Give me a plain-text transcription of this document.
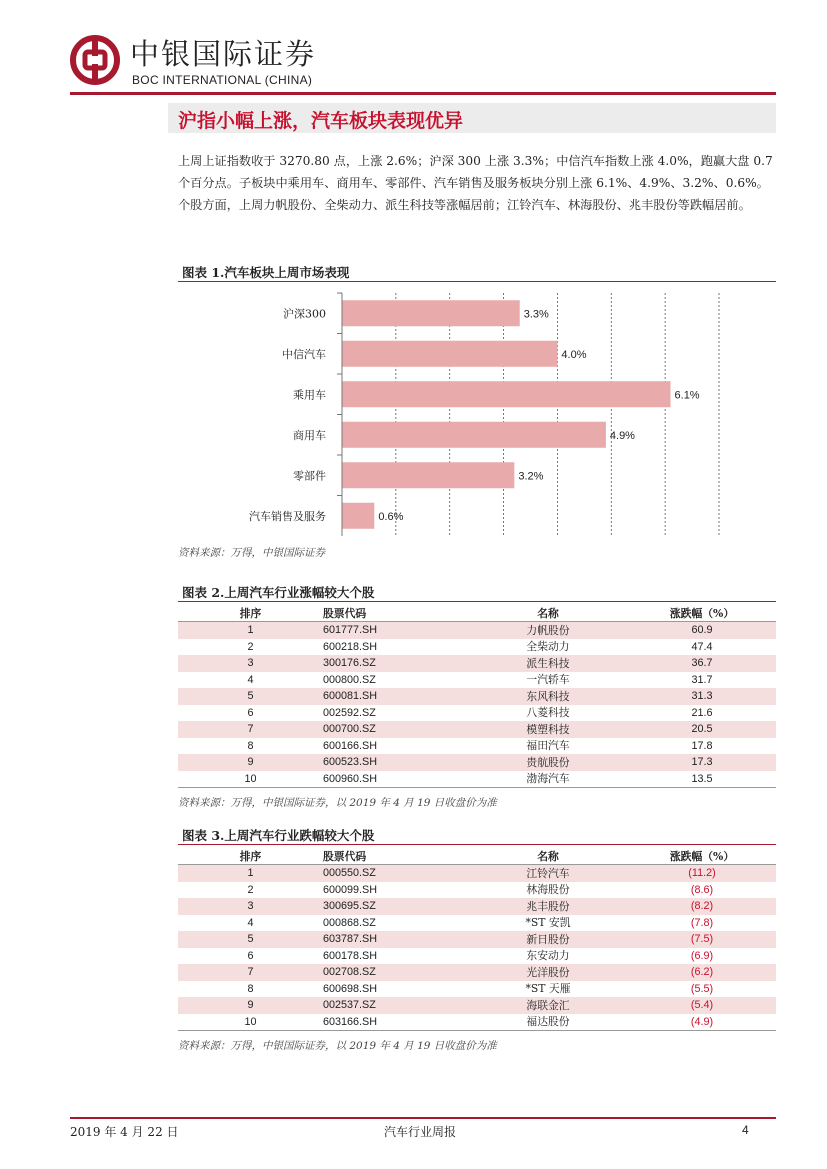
中银国际证券
BOC INTERNATIONAL (CHINA)
沪指小幅上涨，汽车板块表现优异
上周上证指数收于 3270.80 点，上涨 2.6%；沪深 300 上涨 3.3%；中信汽车指数上涨 4.0%，跑赢大盘 0.7 个百分点。子板块中乘用车、商用车、零部件、汽车销售及服务板块分别上涨 6.1%、4.9%、3.2%、0.6%。个股方面，上周力帆股份、全柴动力、派生科技等涨幅居前；江铃汽车、林海股份、兆丰股份等跌幅居前。
图表 1.汽车板块上周市场表现
沪深300	3.3%
中信汽车	4.0%
乘用车	6.1%
商用车	4.9%
零部件	3.2%
汽车销售及服务	0.6%
资料来源：万得，中银国际证券
图表 2.上周汽车行业涨幅较大个股
排序	股票代码	名称	涨跌幅（%）
1	601777.SH	力帆股份	60.9
2	600218.SH	全柴动力	47.4
3	300176.SZ	派生科技	36.7
4	000800.SZ	一汽轿车	31.7
5	600081.SH	东风科技	31.3
6	002592.SZ	八菱科技	21.6
7	000700.SZ	模塑科技	20.5
8	600166.SH	福田汽车	17.8
9	600523.SH	贵航股份	17.3
10	600960.SH	渤海汽车	13.5
资料来源：万得，中银国际证券，以 2019 年 4 月 19 日收盘价为准
图表 3.上周汽车行业跌幅较大个股
排序	股票代码	名称	涨跌幅（%）
1	000550.SZ	江铃汽车	(11.2)
2	600099.SH	林海股份	(8.6)
3	300695.SZ	兆丰股份	(8.2)
4	000868.SZ	*ST 安凯	(7.8)
5	603787.SH	新日股份	(7.5)
6	600178.SH	东安动力	(6.9)
7	002708.SZ	光洋股份	(6.2)
8	600698.SH	*ST 天雁	(5.5)
9	002537.SZ	海联金汇	(5.4)
10	603166.SH	福达股份	(4.9)
资料来源：万得，中银国际证券，以 2019 年 4 月 19 日收盘价为准
2019 年 4 月 22 日	汽车行业周报	4
